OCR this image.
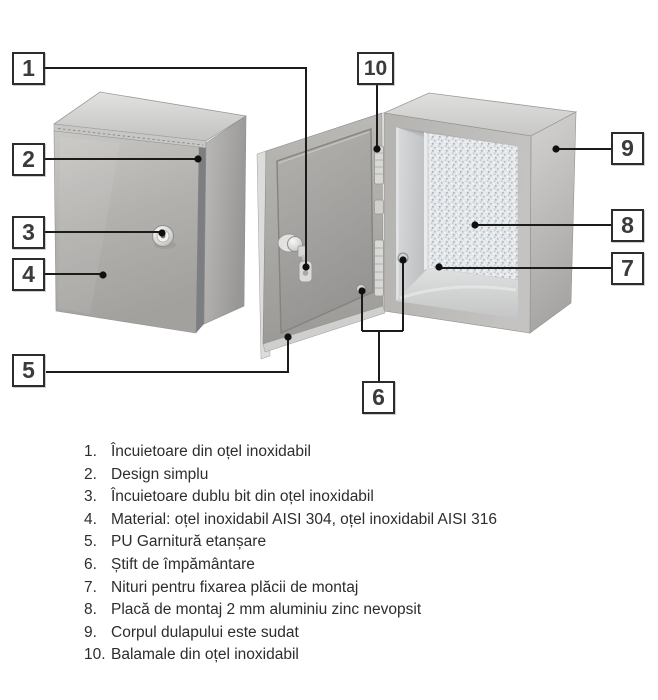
1
2
3
4
5
6
7
8
9
10
1. Încuietoare din oțel inoxidabil
2. Design simplu
3. Încuietoare dublu bit din oțel inoxidabil
4. Material: oțel inoxidabil AISI 304, oțel inoxidabil AISI 316
5. PU Garnitură etanșare
6. Știft de împământare
7. Nituri pentru fixarea plăcii de montaj
8. Placă de montaj 2 mm aluminiu zinc nevopsit
9. Corpul dulapului este sudat
10. Balamale din oțel inoxidabil
